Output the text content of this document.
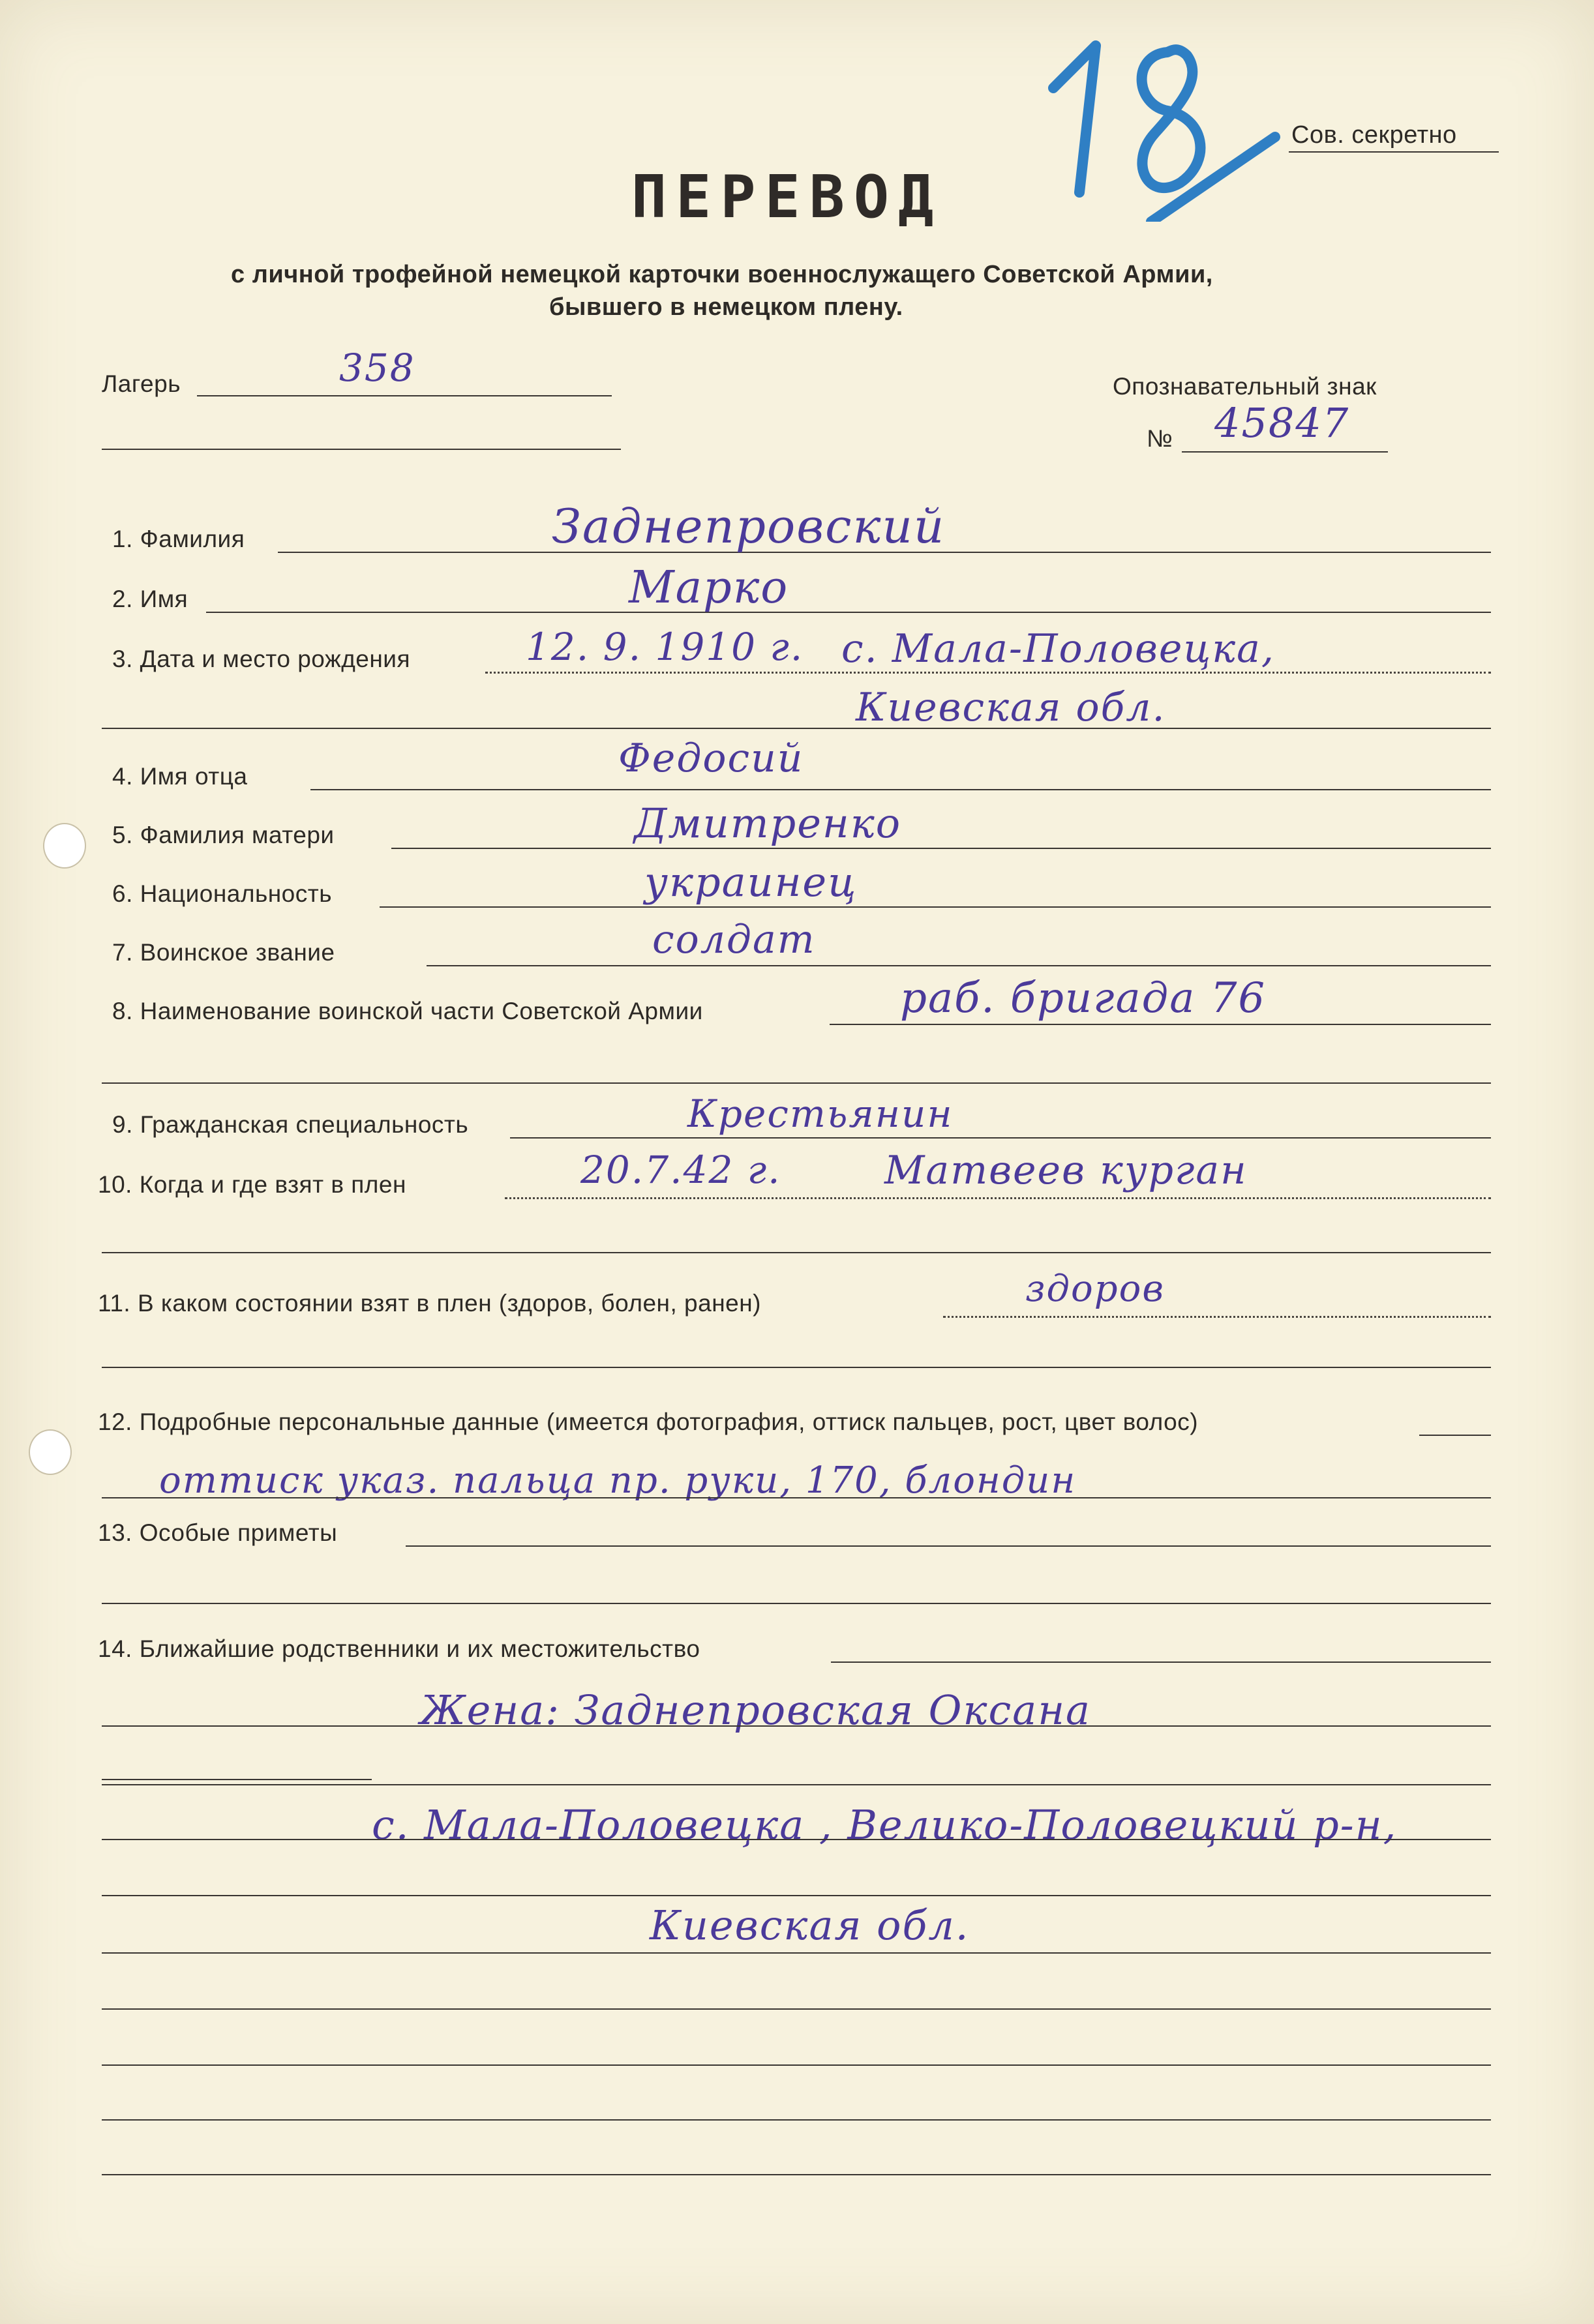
Сов. секретно
ПЕРЕВОД
с личной трофейной немецкой карточки военнослужащего Советской Армии,
бывшего в немецком плену.
Лагерь	358	Опознавательный знак
№ 45847
1. Фамилия	Заднепровский
2. Имя	Марко
3. Дата и место рождения	12. 9. 1910 г. с. Мала-Половецка,
Киевская обл.
4. Имя отца	Федосий
5. Фамилия матери	Дмитренко
6. Национальность	украинец
7. Воинское звание	солдат
8. Наименование воинской части Советской Армии	раб. бригада 76
9. Гражданская специальность	Крестьянин
10. Когда и где взят в плен	20.7.42 г.	Матвеев курган
11. В каком состоянии взят в плен (здоров, болен, ранен)	здоров
12. Подробные персональные данные (имеется фотография, оттиск пальцев, рост, цвет волос)
оттиск указ. пальца пр. руки, 170, блондин
13. Особые приметы
14. Ближайшие родственники и их местожительство
Жена: Заднепровская Оксана
с. Мала-Половецка , Велико-Половецкий р-н,
Киевская обл.
